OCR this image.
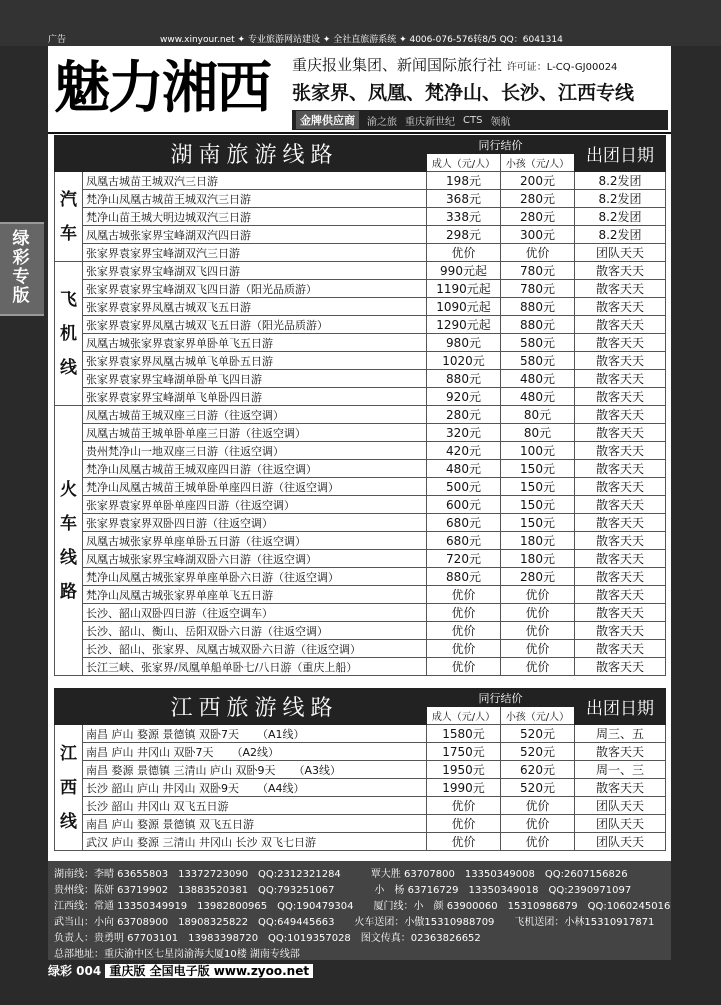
广告	www.xinyour.net ✦ 专业旅游网站建设 ✦ 全社直旅游系统 ✦ 4006-076-576转8/5 QQ：6041314
绿彩专版
魅力湘西 重庆报业集团、新闻国际旅行社 许可证：L-CQ-GJ00024
张家界、凤凰、梵净山、长沙、江西专线
金牌供应商	渝之旅 重庆新世纪 CTS 领航
	湖南旅游线路	同行结价		出团日期
		成人（元/人）	小孩（元/人）	
汽车	凤凰古城苗王城双汽三日游	198元	200元	8.2发团
	梵净山凤凰古城苗王城双汽三日游	368元	280元	8.2发团
	梵净山苗王城大明边城双汽三日游	338元	280元	8.2发团
	凤凰古城张家界宝峰湖双汽四日游	298元	300元	8.2发团
	张家界袁家界宝峰湖双汽三日游	优价	优价	团队天天
飞机线	张家界袁家界宝峰湖双飞四日游	990元起	780元	散客天天
	张家界袁家界宝峰湖双飞四日游（阳光品质游）	1190元起	780元	散客天天
	张家界袁家界凤凰古城双飞五日游	1090元起	880元	散客天天
	张家界袁家界凤凰古城双飞五日游（阳光品质游）	1290元起	880元	散客天天
	凤凰古城张家界袁家界单卧单飞五日游	980元	580元	散客天天
	张家界袁家界凤凰古城单飞单卧五日游	1020元	580元	散客天天
	张家界袁家界宝峰湖单卧单飞四日游	880元	480元	散客天天
	张家界袁家界宝峰湖单飞单卧四日游	920元	480元	散客天天
火车线路	凤凰古城苗王城双座三日游（往返空调）	280元	80元	散客天天
	凤凰古城苗王城单卧单座三日游（往返空调）	320元	80元	散客天天
	贵州梵净山一地双座三日游（往返空调）	420元	100元	散客天天
	梵净山凤凰古城苗王城双座四日游（往返空调）	480元	150元	散客天天
	梵净山凤凰古城苗王城单卧单座四日游（往返空调）	500元	150元	散客天天
	张家界袁家界单卧单座四日游（往返空调）	600元	150元	散客天天
	张家界袁家界双卧四日游（往返空调）	680元	150元	散客天天
	凤凰古城张家界单座单卧五日游（往返空调）	680元	180元	散客天天
	凤凰古城张家界宝峰湖双卧六日游（往返空调）	720元	180元	散客天天
	梵净山凤凰古城张家界单座单卧六日游（往返空调）	880元	280元	散客天天
	梵净山凤凰古城张家界单座单飞五日游	优价	优价	散客天天
	长沙、韶山双卧四日游（往返空调车）	优价	优价	散客天天
	长沙、韶山、衡山、岳阳双卧六日游（往返空调）	优价	优价	散客天天
	长沙、韶山、张家界、凤凰古城双卧六日游（往返空调）	优价	优价	散客天天
	长江三峡、张家界/凤凰单船单卧七/八日游（重庆上船）	优价	优价	散客天天
	江西旅游线路	同行结价		出团日期
		成人（元/人）	小孩（元/人）	
江西线	南昌 庐山 婺源 景德镇 双卧7天 （A1线）	1580元	520元	周三、五
	南昌 庐山 井冈山 双卧7天 （A2线）	1750元	520元	散客天天
	南昌 婺源 景德镇 三清山 庐山 双卧9天 （A3线）	1950元	620元	周一、三
	长沙 韶山 庐山 井冈山 双卧9天 （A4线）	1990元	520元	散客天天
	长沙 韶山 井冈山 双飞五日游	优价	优价	团队天天
	南昌 庐山 婺源 景德镇 双飞五日游	优价	优价	团队天天
	武汉 庐山 婺源 三清山 井冈山 长沙 双飞七日游	优价	优价	团队天天
湖南线：李晴 63655803　13372723090　QQ:2312321284　　　覃大胜 63707800　13350349008　QQ:2607156826
贵州线：陈妍 63719902　13883520381　QQ:793251067　　　　小　杨 63716729　13350349018　QQ:2390971097
江西线：常通 13350349919　13982800965　QQ:190479304　　厦门线：小　颜 63900060　15310986879　QQ:1060245016
武当山：小向 63708900　18908325822　QQ:649445663　　火车送团：小傲15310988709　　飞机送团：小林15310917871
负责人：贵勇明 67703101　13983398720　QQ:1019357028　图文传真：02363826652
总部地址：重庆渝中区七星岗渝海大厦10楼 湖南专线部
绿彩 004 重庆版 全国电子版 www.zyoo.net
